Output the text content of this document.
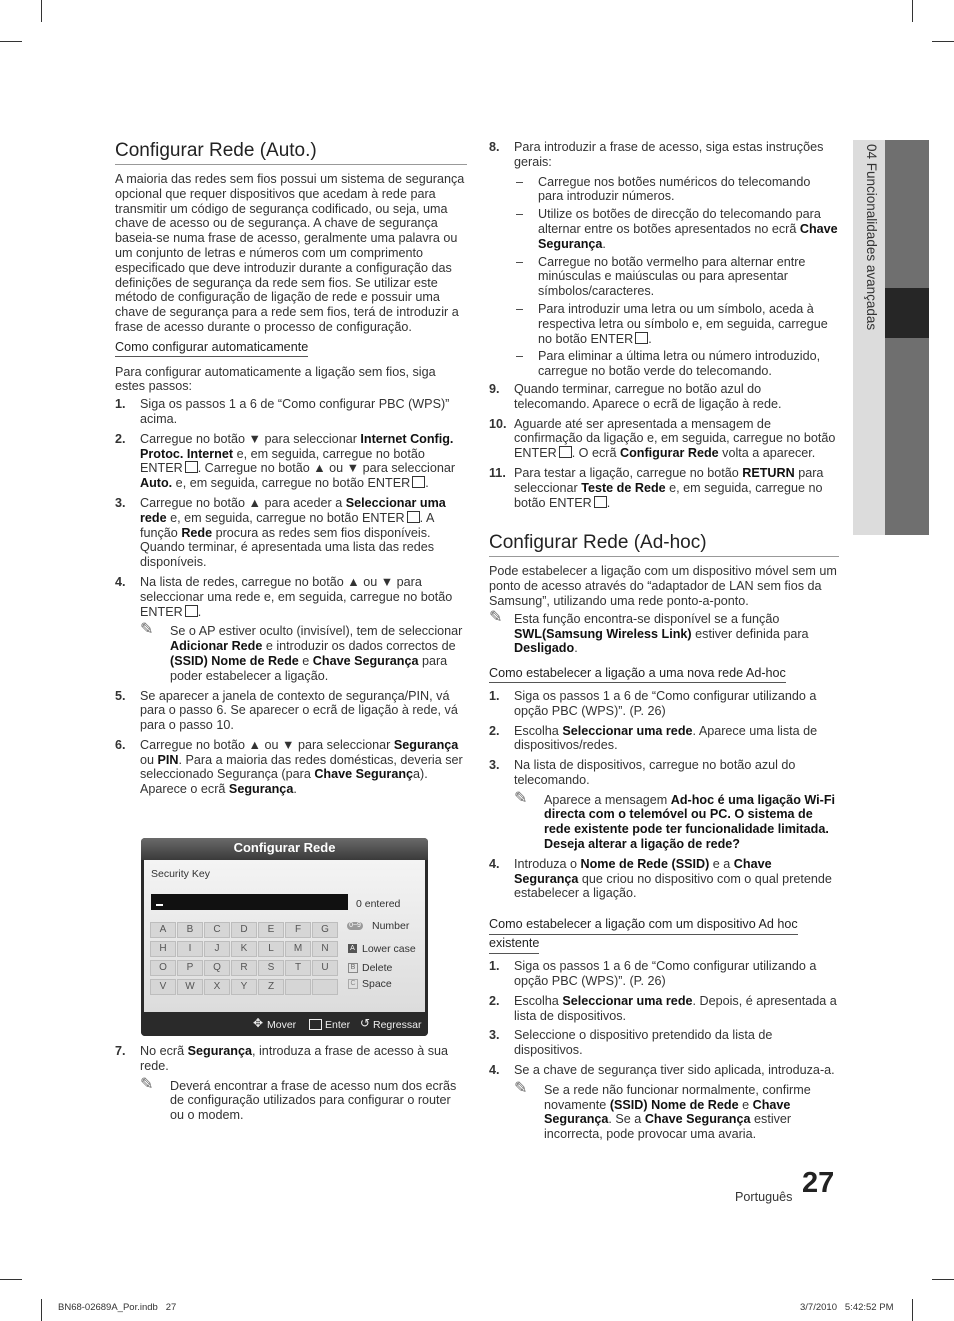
04 Funcionalidades avançadas
Configurar Rede (Auto.)

A maioria das redes sem fios possui um sistema de segurança opcional que requer dispositivos que acedam à rede para transmitir um código de segurança codificado, ou seja, uma chave de acesso ou de segurança. A chave de segurança baseia-se numa frase de acesso, geralmente uma palavra ou um conjunto de letras e números com um comprimento especificado que deve introduzir durante a configuração das definições de segurança da rede sem fios. Se utilizar este método de configuração de ligação de rede e possuir uma chave de segurança para a rede sem fios, terá de introduzir a frase de acesso durante o processo de configuração.

Como configurar automaticamente

Para configurar automaticamente a ligação sem fios, siga estes passos:

1. Siga os passos 1 a 6 de “Como configurar PBC (WPS)” acima.
2. Carregue no botão ▼ para seleccionar Internet Config. Protoc. Internet e, em seguida, carregue no botão ENTER . Carregue no botão ▲ ou ▼ para seleccionar Auto. e, em seguida, carregue no botão ENTER .
3. Carregue no botão ▲ para aceder a Seleccionar uma rede e, em seguida, carregue no botão ENTER . A função Rede procura as redes sem fios disponíveis. Quando terminar, é apresentada uma lista das redes disponíveis.
4. Na lista de redes, carregue no botão ▲ ou ▼ para seleccionar uma rede e, em seguida, carregue no botão ENTER .
✎ Se o AP estiver oculto (invisível), tem de seleccionar Adicionar Rede e introduzir os dados correctos de (SSID) Nome de Rede e Chave Segurança para poder estabelecer a ligação.
5. Se aparecer a janela de contexto de segurança/PIN, vá para o passo 6. Se aparecer o ecrã de ligação à rede, vá para o passo 10.
6. Carregue no botão ▲ ou ▼ para seleccionar Segurança ou PIN. Para a maioria das redes domésticas, deveria ser seleccionado Segurança (para Chave Segurança). Aparece o ecrã Segurança.
Configurar Rede
Security Key
0 entered
A	B	C	D	E	F	G
H	I	J	K	L	M	N
O	P	Q	R	S	T	U
V	W	X	Y	Z
0~9 Number
A Lower case
B Delete
C Space
✥ Mover	Enter ↺ Regressar
7. No ecrã Segurança, introduza a frase de acesso à sua rede.
✎ Deverá encontrar a frase de acesso num dos ecrãs de configuração utilizados para configurar o router ou o modem.
8. Para introduzir a frase de acesso, siga estas instruções gerais:
– Carregue nos botões numéricos do telecomando para introduzir números.
– Utilize os botões de direcção do telecomando para alternar entre os botões apresentados no ecrã Chave Segurança.
– Carregue no botão vermelho para alternar entre minúsculas e maiúsculas ou para apresentar símbolos/caracteres.
– Para introduzir uma letra ou um símbolo, aceda à respectiva letra ou símbolo e, em seguida, carregue no botão ENTER .
– Para eliminar a última letra ou número introduzido, carregue no botão verde do telecomando.
9. Quando terminar, carregue no botão azul do telecomando. Aparece o ecrã de ligação à rede.
10. Aguarde até ser apresentada a mensagem de confirmação da ligação e, em seguida, carregue no botão ENTER . O ecrã Configurar Rede volta a aparecer.
11. Para testar a ligação, carregue no botão RETURN para seleccionar Teste de Rede e, em seguida, carregue no botão ENTER .
Configurar Rede (Ad-hoc)

Pode estabelecer a ligação com um dispositivo móvel sem um ponto de acesso através do “adaptador de LAN sem fios da Samsung”, utilizando uma rede ponto-a-ponto.

✎ Esta função encontra-se disponível se a função SWL(Samsung Wireless Link) estiver definida para Desligado.
Como estabelecer a ligação a uma nova rede Ad-hoc
1. Siga os passos 1 a 6 de “Como configurar utilizando a opção PBC (WPS)”. (P. 26)
2. Escolha Seleccionar uma rede. Aparece uma lista de dispositivos/redes.
3. Na lista de dispositivos, carregue no botão azul do telecomando.
✎ Aparece a mensagem Ad-hoc é uma ligação Wi-Fi directa com o telemóvel ou PC. O sistema de rede existente pode ter funcionalidade limitada. Deseja alterar a ligação de rede?
4. Introduza o Nome de Rede (SSID) e a Chave Segurança que criou no dispositivo com o qual pretende estabelecer a ligação.
Como estabelecer a ligação com um dispositivo Ad hoc
existente
1. Siga os passos 1 a 6 de “Como configurar utilizando a opção PBC (WPS)”. (P. 26)
2. Escolha Seleccionar uma rede. Depois, é apresentada a lista de dispositivos.
3. Seleccione o dispositivo pretendido da lista de dispositivos.
4. Se a chave de segurança tiver sido aplicada, introduza-a.
✎ Se a rede não funcionar normalmente, confirme novamente (SSID) Nome de Rede e Chave Segurança. Se a Chave Segurança estiver incorrecta, pode provocar uma avaria.
Português 27
BN68-02689A_Por.indb   27	3/7/2010   5:42:52 PM
